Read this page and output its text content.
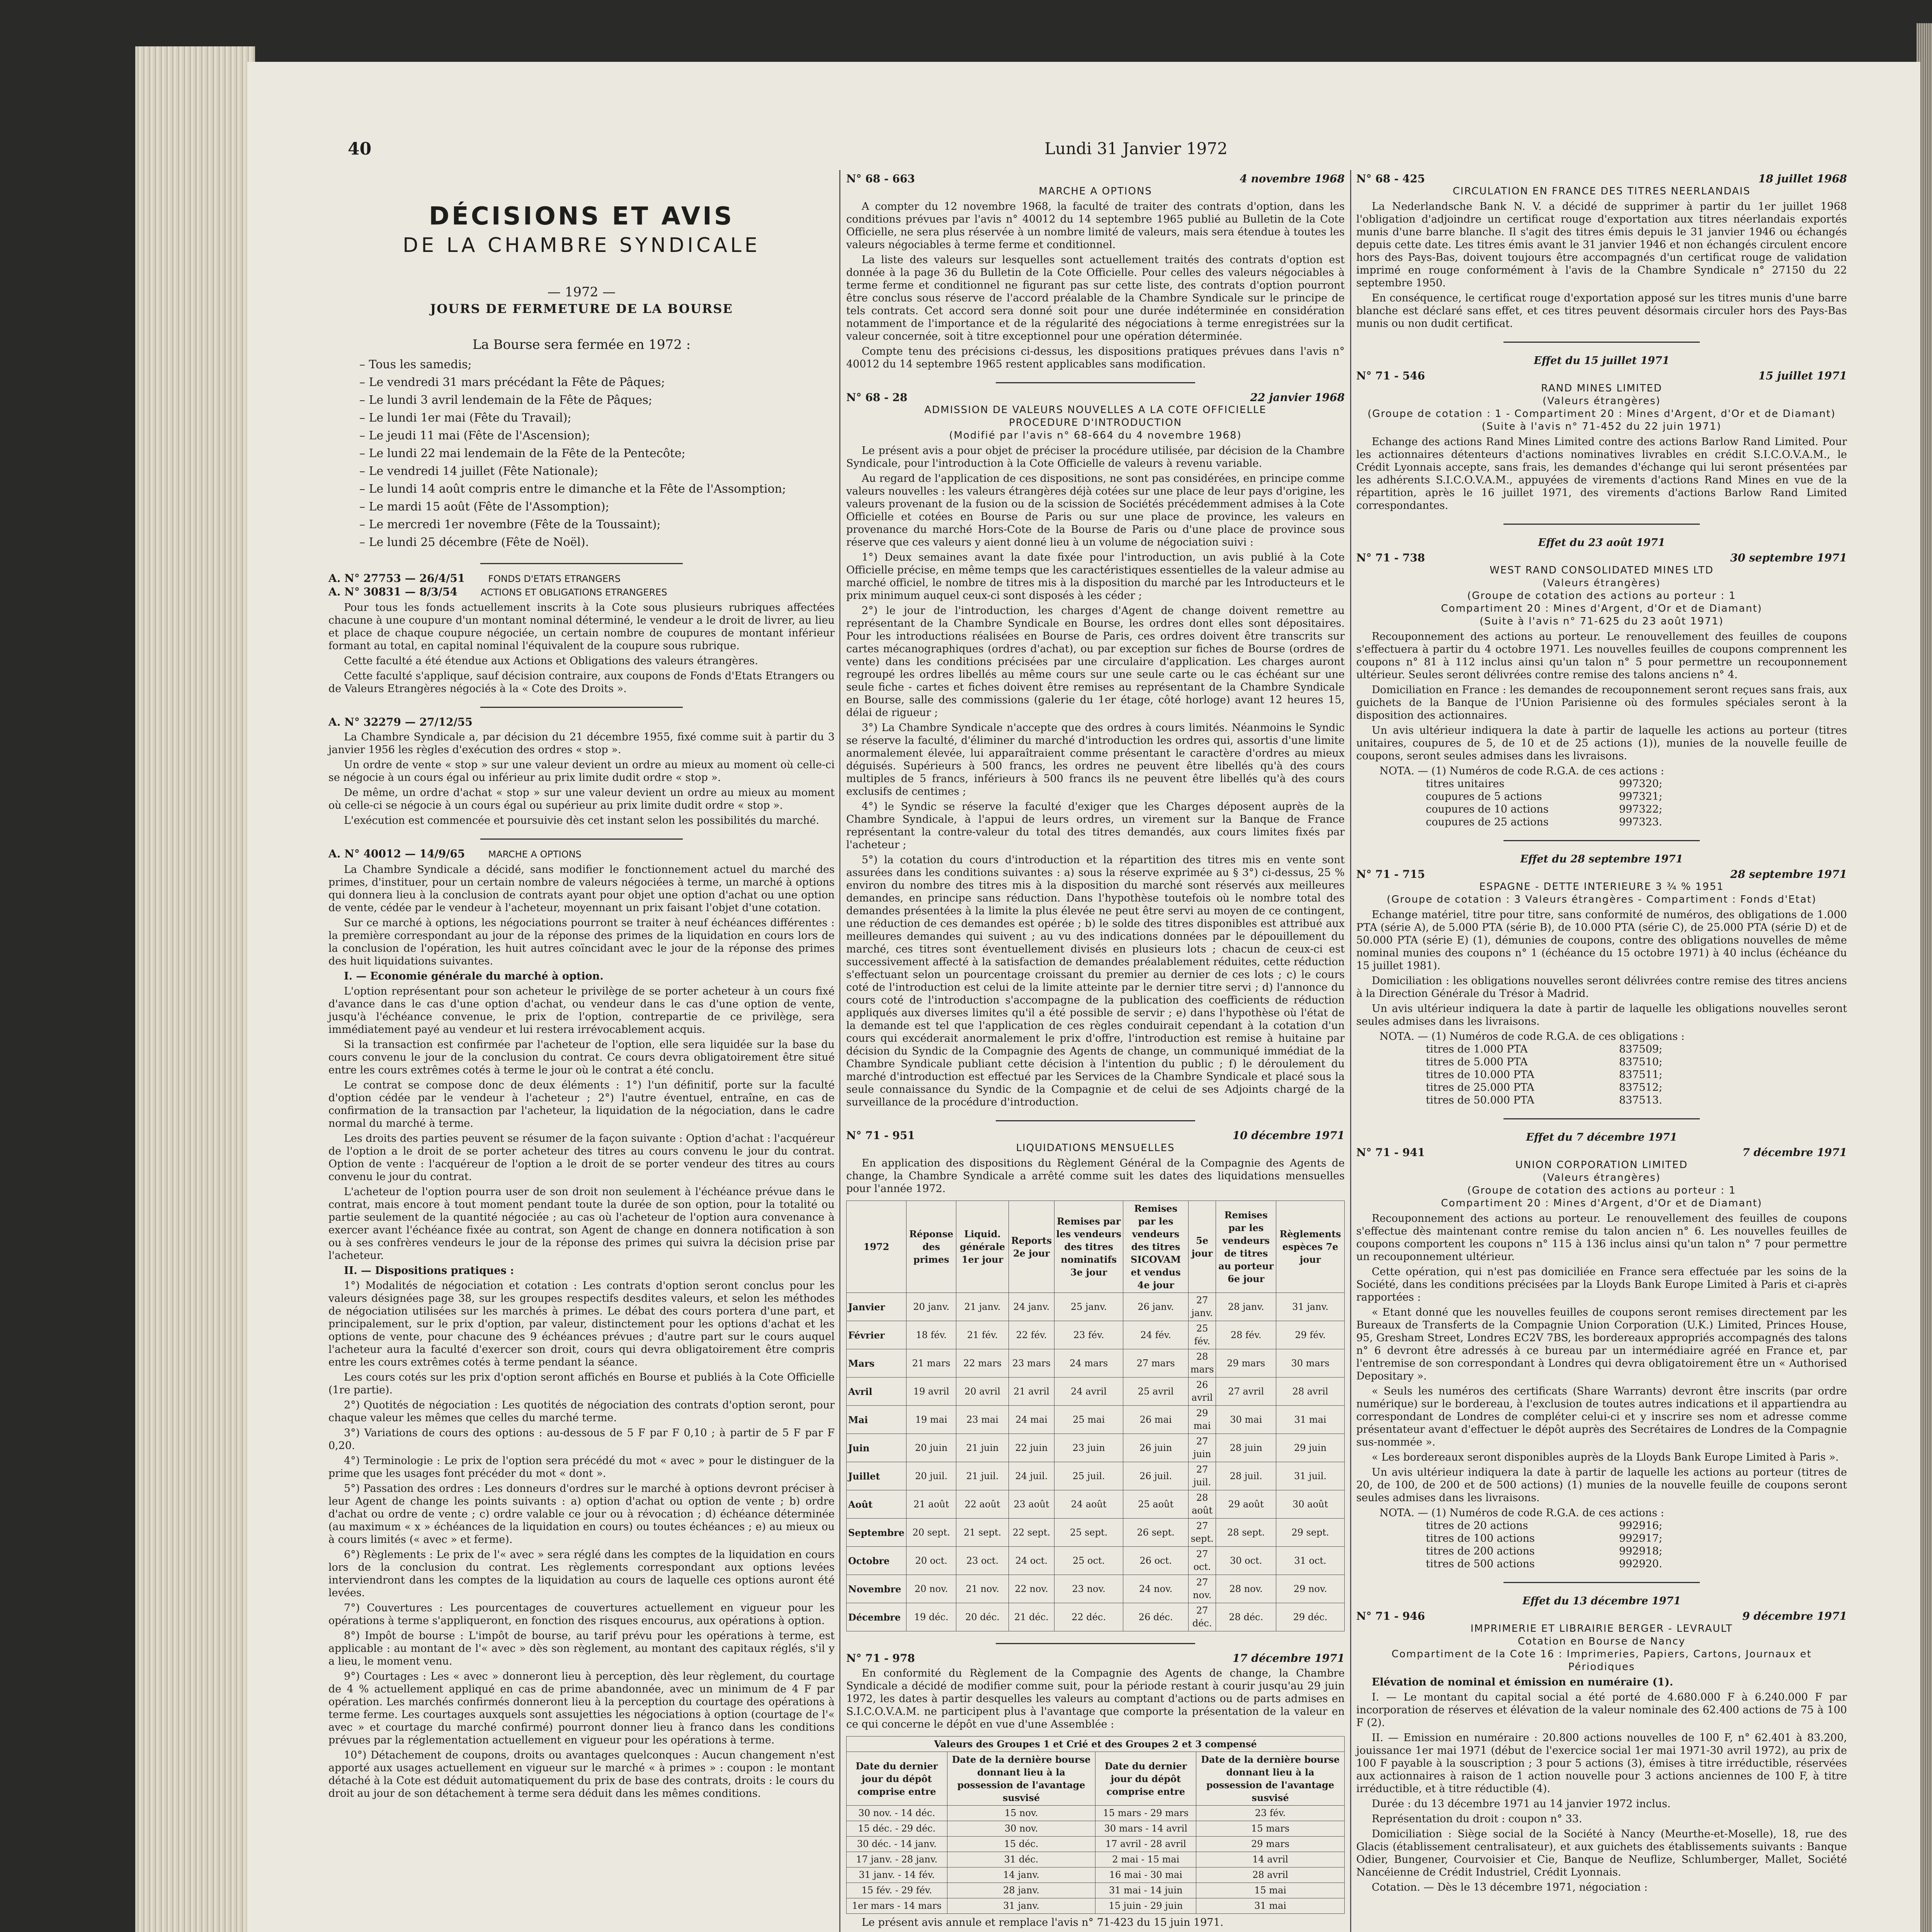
40	Lundi 31 Janvier 1972
DÉCISIONS ET AVIS
DE LA CHAMBRE SYNDICALE
— 1972 —
JOURS DE FERMETURE DE LA BOURSE
La Bourse sera fermée en 1972 :
– Tous les samedis;
– Le vendredi 31 mars précédant la Fête de Pâques;
– Le lundi 3 avril lendemain de la Fête de Pâques;
– Le lundi 1er mai (Fête du Travail);
– Le jeudi 11 mai (Fête de l'Ascension);
– Le lundi 22 mai lendemain de la Fête de la Pentecôte;
– Le vendredi 14 juillet (Fête Nationale);
– Le lundi 14 août compris entre le dimanche et la Fête de l'Assomption;
– Le mardi 15 août (Fête de l'Assomption);
– Le mercredi 1er novembre (Fête de la Toussaint);
– Le lundi 25 décembre (Fête de Noël).
A. N° 27753 — 26/4/51	FONDS D'ETATS ETRANGERS
A. N° 30831 — 8/3/54	ACTIONS ET OBLIGATIONS ETRANGERES

Pour tous les fonds actuellement inscrits à la Cote sous plusieurs rubriques affectées chacune à une coupure d'un montant nominal déterminé, le vendeur a le droit de livrer, au lieu et place de chaque coupure négociée, un certain nombre de coupures de montant inférieur formant au total, en capital nominal l'équivalent de la coupure sous rubrique.

Cette faculté a été étendue aux Actions et Obligations des valeurs étrangères.

Cette faculté s'applique, sauf décision contraire, aux coupons de Fonds d'Etats Etrangers ou de Valeurs Etrangères négociés à la « Cote des Droits ».

A. N° 32279 — 27/12/55

La Chambre Syndicale a, par décision du 21 décembre 1955, fixé comme suit à partir du 3 janvier 1956 les règles d'exécution des ordres « stop ».

Un ordre de vente « stop » sur une valeur devient un ordre au mieux au moment où celle-ci se négocie à un cours égal ou inférieur au prix limite dudit ordre « stop ».

De même, un ordre d'achat « stop » sur une valeur devient un ordre au mieux au moment où celle-ci se négocie à un cours égal ou supérieur au prix limite dudit ordre « stop ».

L'exécution est commencée et poursuivie dès cet instant selon les possibilités du marché.

A. N° 40012 — 14/9/65	MARCHE A OPTIONS

La Chambre Syndicale a décidé, sans modifier le fonctionnement actuel du marché des primes, d'instituer, pour un certain nombre de valeurs négociées à terme, un marché à options qui donnera lieu à la conclusion de contrats ayant pour objet une option d'achat ou une option de vente, cédée par le vendeur à l'acheteur, moyennant un prix faisant l'objet d'une cotation.

Sur ce marché à options, les négociations pourront se traiter à neuf échéances différentes : la première correspondant au jour de la réponse des primes de la liquidation en cours lors de la conclusion de l'opération, les huit autres coïncidant avec le jour de la réponse des primes des huit liquidations suivantes.

I. — Economie générale du marché à option.

L'option représentant pour son acheteur le privilège de se porter acheteur à un cours fixé d'avance dans le cas d'une option d'achat, ou vendeur dans le cas d'une option de vente, jusqu'à l'échéance convenue, le prix de l'option, contrepartie de ce privilège, sera immédiatement payé au vendeur et lui restera irrévocablement acquis.

Si la transaction est confirmée par l'acheteur de l'option, elle sera liquidée sur la base du cours convenu le jour de la conclusion du contrat. Ce cours devra obligatoirement être situé entre les cours extrêmes cotés à terme le jour où le contrat a été conclu.

Le contrat se compose donc de deux éléments : 1°) l'un définitif, porte sur la faculté d'option cédée par le vendeur à l'acheteur ; 2°) l'autre éventuel, entraîne, en cas de confirmation de la transaction par l'acheteur, la liquidation de la négociation, dans le cadre normal du marché à terme.

Les droits des parties peuvent se résumer de la façon suivante : Option d'achat : l'acquéreur de l'option a le droit de se porter acheteur des titres au cours convenu le jour du contrat. Option de vente : l'acquéreur de l'option a le droit de se porter vendeur des titres au cours convenu le jour du contrat.

L'acheteur de l'option pourra user de son droit non seulement à l'échéance prévue dans le contrat, mais encore à tout moment pendant toute la durée de son option, pour la totalité ou partie seulement de la quantité négociée ; au cas où l'acheteur de l'option aura convenance à exercer avant l'échéance fixée au contrat, son Agent de change en donnera notification à son ou à ses confrères vendeurs le jour de la réponse des primes qui suivra la décision prise par l'acheteur.

II. — Dispositions pratiques :

1°) Modalités de négociation et cotation : Les contrats d'option seront conclus pour les valeurs désignées page 38, sur les groupes respectifs desdites valeurs, et selon les méthodes de négociation utilisées sur les marchés à primes. Le débat des cours portera d'une part, et principalement, sur le prix d'option, par valeur, distinctement pour les options d'achat et les options de vente, pour chacune des 9 échéances prévues ; d'autre part sur le cours auquel l'acheteur aura la faculté d'exercer son droit, cours qui devra obligatoirement être compris entre les cours extrêmes cotés à terme pendant la séance.

Les cours cotés sur les prix d'option seront affichés en Bourse et publiés à la Cote Officielle (1re partie).

2°) Quotités de négociation : Les quotités de négociation des contrats d'option seront, pour chaque valeur les mêmes que celles du marché terme.

3°) Variations de cours des options : au-dessous de 5 F par F 0,10 ; à partir de 5 F par F 0,20.

4°) Terminologie : Le prix de l'option sera précédé du mot « avec » pour le distinguer de la prime que les usages font précéder du mot « dont ».

5°) Passation des ordres : Les donneurs d'ordres sur le marché à options devront préciser à leur Agent de change les points suivants : a) option d'achat ou option de vente ; b) ordre d'achat ou ordre de vente ; c) ordre valable ce jour ou à révocation ; d) échéance déterminée (au maximum « x » échéances de la liquidation en cours) ou toutes échéances ; e) au mieux ou à cours limités (« avec » et ferme).

6°) Règlements : Le prix de l'« avec » sera réglé dans les comptes de la liquidation en cours lors de la conclusion du contrat. Les règlements correspondant aux options levées interviendront dans les comptes de la liquidation au cours de laquelle ces options auront été levées.

7°) Couvertures : Les pourcentages de couvertures actuellement en vigueur pour les opérations à terme s'appliqueront, en fonction des risques encourus, aux opérations à option.

8°) Impôt de bourse : L'impôt de bourse, au tarif prévu pour les opérations à terme, est applicable : au montant de l'« avec » dès son règlement, au montant des capitaux réglés, s'il y a lieu, le moment venu.

9°) Courtages : Les « avec » donneront lieu à perception, dès leur règlement, du courtage de 4 % actuellement appliqué en cas de prime abandonnée, avec un minimum de 4 F par opération. Les marchés confirmés donneront lieu à la perception du courtage des opérations à terme ferme. Les courtages auxquels sont assujetties les négociations à option (courtage de l'« avec » et courtage du marché confirmé) pourront donner lieu à franco dans les conditions prévues par la réglementation actuellement en vigueur pour les opérations à terme.

10°) Détachement de coupons, droits ou avantages quelconques : Aucun changement n'est apporté aux usages actuellement en vigueur sur le marché « à primes » : coupon : le montant détaché à la Cote est déduit automatiquement du prix de base des contrats, droits : le cours du droit au jour de son détachement à terme sera déduit dans les mêmes conditions.

N° 68 - 663	4 novembre 1968
MARCHE A OPTIONS

A compter du 12 novembre 1968, la faculté de traiter des contrats d'option, dans les conditions prévues par l'avis n° 40012 du 14 septembre 1965 publié au Bulletin de la Cote Officielle, ne sera plus réservée à un nombre limité de valeurs, mais sera étendue à toutes les valeurs négociables à terme ferme et conditionnel.

La liste des valeurs sur lesquelles sont actuellement traités des contrats d'option est donnée à la page 36 du Bulletin de la Cote Officielle. Pour celles des valeurs négociables à terme ferme et conditionnel ne figurant pas sur cette liste, des contrats d'option pourront être conclus sous réserve de l'accord préalable de la Chambre Syndicale sur le principe de tels contrats. Cet accord sera donné soit pour une durée indéterminée en considération notamment de l'importance et de la régularité des négociations à terme enregistrées sur la valeur concernée, soit à titre exceptionnel pour une opération déterminée.

Compte tenu des précisions ci-dessus, les dispositions pratiques prévues dans l'avis n° 40012 du 14 septembre 1965 restent applicables sans modification.

N° 68 - 28	22 janvier 1968
ADMISSION DE VALEURS NOUVELLES A LA COTE OFFICIELLE
PROCEDURE D'INTRODUCTION
(Modifié par l'avis n° 68-664 du 4 novembre 1968)

Le présent avis a pour objet de préciser la procédure utilisée, par décision de la Chambre Syndicale, pour l'introduction à la Cote Officielle de valeurs à revenu variable.

Au regard de l'application de ces dispositions, ne sont pas considérées, en principe comme valeurs nouvelles : les valeurs étrangères déjà cotées sur une place de leur pays d'origine, les valeurs provenant de la fusion ou de la scission de Sociétés précédemment admises à la Cote Officielle et cotées en Bourse de Paris ou sur une place de province, les valeurs en provenance du marché Hors-Cote de la Bourse de Paris ou d'une place de province sous réserve que ces valeurs y aient donné lieu à un volume de négociation suivi :

1°) Deux semaines avant la date fixée pour l'introduction, un avis publié à la Cote Officielle précise, en même temps que les caractéristiques essentielles de la valeur admise au marché officiel, le nombre de titres mis à la disposition du marché par les Introducteurs et le prix minimum auquel ceux-ci sont disposés à les céder ;

2°) le jour de l'introduction, les charges d'Agent de change doivent remettre au représentant de la Chambre Syndicale en Bourse, les ordres dont elles sont dépositaires. Pour les introductions réalisées en Bourse de Paris, ces ordres doivent être transcrits sur cartes mécanographiques (ordres d'achat), ou par exception sur fiches de Bourse (ordres de vente) dans les conditions précisées par une circulaire d'application. Les charges auront regroupé les ordres libellés au même cours sur une seule carte ou le cas échéant sur une seule fiche - cartes et fiches doivent être remises au représentant de la Chambre Syndicale en Bourse, salle des commissions (galerie du 1er étage, côté horloge) avant 12 heures 15, délai de rigueur ;

3°) La Chambre Syndicale n'accepte que des ordres à cours limités. Néanmoins le Syndic se réserve la faculté, d'éliminer du marché d'introduction les ordres qui, assortis d'une limite anormalement élevée, lui apparaîtraient comme présentant le caractère d'ordres au mieux déguisés. Supérieurs à 500 francs, les ordres ne peuvent être libellés qu'à des cours multiples de 5 francs, inférieurs à 500 francs ils ne peuvent être libellés qu'à des cours exclusifs de centimes ;

4°) le Syndic se réserve la faculté d'exiger que les Charges déposent auprès de la Chambre Syndicale, à l'appui de leurs ordres, un virement sur la Banque de France représentant la contre-valeur du total des titres demandés, aux cours limites fixés par l'acheteur ;

5°) la cotation du cours d'introduction et la répartition des titres mis en vente sont assurées dans les conditions suivantes : a) sous la réserve exprimée au § 3°) ci-dessus, 25 % environ du nombre des titres mis à la disposition du marché sont réservés aux meilleures demandes, en principe sans réduction. Dans l'hypothèse toutefois où le nombre total des demandes présentées à la limite la plus élevée ne peut être servi au moyen de ce contingent, une réduction de ces demandes est opérée ; b) le solde des titres disponibles est attribué aux meilleures demandes qui suivent ; au vu des indications données par le dépouillement du marché, ces titres sont éventuellement divisés en plusieurs lots ; chacun de ceux-ci est successivement affecté à la satisfaction de demandes préalablement réduites, cette réduction s'effectuant selon un pourcentage croissant du premier au dernier de ces lots ; c) le cours coté de l'introduction est celui de la limite atteinte par le dernier titre servi ; d) l'annonce du cours coté de l'introduction s'accompagne de la publication des coefficients de réduction appliqués aux diverses limites qu'il a été possible de servir ; e) dans l'hypothèse où l'état de la demande est tel que l'application de ces règles conduirait cependant à la cotation d'un cours qui excéderait anormalement le prix d'offre, l'introduction est remise à huitaine par décision du Syndic de la Compagnie des Agents de change, un communiqué immédiat de la Chambre Syndicale publiant cette décision à l'intention du public ; f) le déroulement du marché d'introduction est effectué par les Services de la Chambre Syndicale et placé sous la seule connaissance du Syndic de la Compagnie et de celui de ses Adjoints chargé de la surveillance de la procédure d'introduction.

N° 71 - 951	10 décembre 1971
LIQUIDATIONS MENSUELLES

En application des dispositions du Règlement Général de la Compagnie des Agents de change, la Chambre Syndicale a arrêté comme suit les dates des liquidations mensuelles pour l'année 1972.

1972	Réponse des primes	Liquid. générale 1er jour	Reports 2e jour	Remises par les vendeurs des titres nominatifs 3e jour	Remises par les vendeurs des titres SICOVAM et vendus 4e jour	5e jour	Remises par les vendeurs de titres au porteur 6e jour	Règlements espèces 7e jour
Janvier	20 janv.	21 janv.	24 janv.	25 janv.	26 janv.	27 janv.	28 janv.	31 janv.
Février	18 fév.	21 fév.	22 fév.	23 fév.	24 fév.	25 fév.	28 fév.	29 fév.
Mars	21 mars	22 mars	23 mars	24 mars	27 mars	28 mars	29 mars	30 mars
Avril	19 avril	20 avril	21 avril	24 avril	25 avril	26 avril	27 avril	28 avril
Mai	19 mai	23 mai	24 mai	25 mai	26 mai	29 mai	30 mai	31 mai
Juin	20 juin	21 juin	22 juin	23 juin	26 juin	27 juin	28 juin	29 juin
Juillet	20 juil.	21 juil.	24 juil.	25 juil.	26 juil.	27 juil.	28 juil.	31 juil.
Août	21 août	22 août	23 août	24 août	25 août	28 août	29 août	30 août
Septembre	20 sept.	21 sept.	22 sept.	25 sept.	26 sept.	27 sept.	28 sept.	29 sept.
Octobre	20 oct.	23 oct.	24 oct.	25 oct.	26 oct.	27 oct.	30 oct.	31 oct.
Novembre	20 nov.	21 nov.	22 nov.	23 nov.	24 nov.	27 nov.	28 nov.	29 nov.
Décembre	19 déc.	20 déc.	21 déc.	22 déc.	26 déc.	27 déc.	28 déc.	29 déc.
N° 71 - 978	17 décembre 1971

En conformité du Règlement de la Compagnie des Agents de change, la Chambre Syndicale a décidé de modifier comme suit, pour la période restant à courir jusqu'au 29 juin 1972, les dates à partir desquelles les valeurs au comptant d'actions ou de parts admises en S.I.C.O.V.A.M. ne participent plus à l'avantage que comporte la présentation de la valeur en ce qui concerne le dépôt en vue d'une Assemblée :

Valeurs des Groupes 1 et Crié et des Groupes 2 et 3 compensé			
Date du dernier jour du dépôt comprise entre	Date de la dernière bourse donnant lieu à la possession de l'avantage susvisé	Date du dernier jour du dépôt comprise entre	Date de la dernière bourse donnant lieu à la possession de l'avantage susvisé
30 nov. - 14 déc.	15 nov.	15 mars - 29 mars	23 fév.
15 déc. - 29 déc.	30 nov.	30 mars - 14 avril	15 mars
30 déc. - 14 janv.	15 déc.	17 avril - 28 avril	29 mars
17 janv. - 28 janv.	31 déc.	2 mai - 15 mai	14 avril
31 janv. - 14 fév.	14 janv.	16 mai - 30 mai	28 avril
15 fév. - 29 fév.	28 janv.	31 mai - 14 juin	15 mai
1er mars - 14 mars	31 janv.	15 juin - 29 juin	31 mai

Le présent avis annule et remplace l'avis n° 71-423 du 15 juin 1971.

N° 68 - 425	18 juillet 1968
CIRCULATION EN FRANCE DES TITRES NEERLANDAIS

La Nederlandsche Bank N. V. a décidé de supprimer à partir du 1er juillet 1968 l'obligation d'adjoindre un certificat rouge d'exportation aux titres néerlandais exportés munis d'une barre blanche. Il s'agit des titres émis depuis le 31 janvier 1946 ou échangés depuis cette date. Les titres émis avant le 31 janvier 1946 et non échangés circulent encore hors des Pays-Bas, doivent toujours être accompagnés d'un certificat rouge de validation imprimé en rouge conformément à l'avis de la Chambre Syndicale n° 27150 du 22 septembre 1950.

En conséquence, le certificat rouge d'exportation apposé sur les titres munis d'une barre blanche est déclaré sans effet, et ces titres peuvent désormais circuler hors des Pays-Bas munis ou non dudit certificat.

Effet du 15 juillet 1971
N° 71 - 546	15 juillet 1971
RAND MINES LIMITED
(Valeurs étrangères)
(Groupe de cotation : 1 - Compartiment 20 : Mines d'Argent, d'Or et de Diamant)
(Suite à l'avis n° 71-452 du 22 juin 1971)

Echange des actions Rand Mines Limited contre des actions Barlow Rand Limited. Pour les actionnaires détenteurs d'actions nominatives livrables en crédit S.I.C.O.V.A.M., le Crédit Lyonnais accepte, sans frais, les demandes d'échange qui lui seront présentées par les adhérents S.I.C.O.V.A.M., appuyées de virements d'actions Rand Mines en vue de la répartition, après le 16 juillet 1971, des virements d'actions Barlow Rand Limited correspondantes.

Effet du 23 août 1971
N° 71 - 738	30 septembre 1971
WEST RAND CONSOLIDATED MINES LTD
(Valeurs étrangères)
(Groupe de cotation des actions au porteur : 1
Compartiment 20 : Mines d'Argent, d'Or et de Diamant)
(Suite à l'avis n° 71-625 du 23 août 1971)

Recouponnement des actions au porteur. Le renouvellement des feuilles de coupons s'effectuera à partir du 4 octobre 1971. Les nouvelles feuilles de coupons comprennent les coupons n° 81 à 112 inclus ainsi qu'un talon n° 5 pour permettre un recouponnement ultérieur. Seules seront délivrées contre remise des talons anciens n° 4.

Domiciliation en France : les demandes de recouponnement seront reçues sans frais, aux guichets de la Banque de l'Union Parisienne où des formules spéciales seront à la disposition des actionnaires.

Un avis ultérieur indiquera la date à partir de laquelle les actions au porteur (titres unitaires, coupures de 5, de 10 et de 25 actions (1)), munies de la nouvelle feuille de coupons, seront seules admises dans les livraisons.

NOTA. — (1) Numéros de code R.G.A. de ces actions :
titres unitaires	997320;
coupures de 5 actions	997321;
coupures de 10 actions	997322;
coupures de 25 actions	997323.
Effet du 28 septembre 1971
N° 71 - 715	28 septembre 1971
ESPAGNE - DETTE INTERIEURE 3 ¾ % 1951
(Groupe de cotation : 3 Valeurs étrangères - Compartiment : Fonds d'Etat)

Echange matériel, titre pour titre, sans conformité de numéros, des obligations de 1.000 PTA (série A), de 5.000 PTA (série B), de 10.000 PTA (série C), de 25.000 PTA (série D) et de 50.000 PTA (série E) (1), démunies de coupons, contre des obligations nouvelles de même nominal munies des coupons n° 1 (échéance du 15 octobre 1971) à 40 inclus (échéance du 15 juillet 1981).

Domiciliation : les obligations nouvelles seront délivrées contre remise des titres anciens à la Direction Générale du Trésor à Madrid.

Un avis ultérieur indiquera la date à partir de laquelle les obligations nouvelles seront seules admises dans les livraisons.

NOTA. — (1) Numéros de code R.G.A. de ces obligations :
titres de 1.000 PTA	837509;
titres de 5.000 PTA	837510;
titres de 10.000 PTA	837511;
titres de 25.000 PTA	837512;
titres de 50.000 PTA	837513.
Effet du 7 décembre 1971
N° 71 - 941	7 décembre 1971
UNION CORPORATION LIMITED
(Valeurs étrangères)
(Groupe de cotation des actions au porteur : 1
Compartiment 20 : Mines d'Argent, d'Or et de Diamant)

Recouponnement des actions au porteur. Le renouvellement des feuilles de coupons s'effectue dès maintenant contre remise du talon ancien n° 6. Les nouvelles feuilles de coupons comportent les coupons n° 115 à 136 inclus ainsi qu'un talon n° 7 pour permettre un recouponnement ultérieur.

Cette opération, qui n'est pas domiciliée en France sera effectuée par les soins de la Société, dans les conditions précisées par la Lloyds Bank Europe Limited à Paris et ci-après rapportées :

« Etant donné que les nouvelles feuilles de coupons seront remises directement par les Bureaux de Transferts de la Compagnie Union Corporation (U.K.) Limited, Princes House, 95, Gresham Street, Londres EC2V 7BS, les bordereaux appropriés accompagnés des talons n° 6 devront être adressés à ce bureau par un intermédiaire agréé en France et, par l'entremise de son correspondant à Londres qui devra obligatoirement être un « Authorised Depositary ».

« Seuls les numéros des certificats (Share Warrants) devront être inscrits (par ordre numérique) sur le bordereau, à l'exclusion de toutes autres indications et il appartiendra au correspondant de Londres de compléter celui-ci et y inscrire ses nom et adresse comme présentateur avant d'effectuer le dépôt auprès des Secrétaires de Londres de la Compagnie sus-nommée ».

« Les bordereaux seront disponibles auprès de la Lloyds Bank Europe Limited à Paris ».

Un avis ultérieur indiquera la date à partir de laquelle les actions au porteur (titres de 20, de 100, de 200 et de 500 actions) (1) munies de la nouvelle feuille de coupons seront seules admises dans les livraisons.

NOTA. — (1) Numéros de code R.G.A. de ces actions :
titres de 20 actions	992916;
titres de 100 actions	992917;
titres de 200 actions	992918;
titres de 500 actions	992920.
Effet du 13 décembre 1971
N° 71 - 946	9 décembre 1971
IMPRIMERIE ET LIBRAIRIE BERGER - LEVRAULT
Cotation en Bourse de Nancy
Compartiment de la Cote 16 : Imprimeries, Papiers, Cartons, Journaux et Périodiques

Elévation de nominal et émission en numéraire (1).

I. — Le montant du capital social a été porté de 4.680.000 F à 6.240.000 F par incorporation de réserves et élévation de la valeur nominale des 62.400 actions de 75 à 100 F (2).

II. — Emission en numéraire : 20.800 actions nouvelles de 100 F, n° 62.401 à 83.200, jouissance 1er mai 1971 (début de l'exercice social 1er mai 1971-30 avril 1972), au prix de 100 F payable à la souscription ; 3 pour 5 actions (3), émises à titre irréductible, réservées aux actionnaires à raison de 1 action nouvelle pour 3 actions anciennes de 100 F, à titre irréductible, et à titre réductible (4).

Durée : du 13 décembre 1971 au 14 janvier 1972 inclus.

Représentation du droit : coupon n° 33.

Domiciliation : Siège social de la Société à Nancy (Meurthe-et-Moselle), 18, rue des Glacis (établissement centralisateur), et aux guichets des établissements suivants : Banque Odier, Bungener, Courvoisier et Cie, Banque de Neuflize, Schlumberger, Mallet, Société Nancéienne de Crédit Industriel, Crédit Lyonnais.

Cotation. — Dès le 13 décembre 1971, négociation :
